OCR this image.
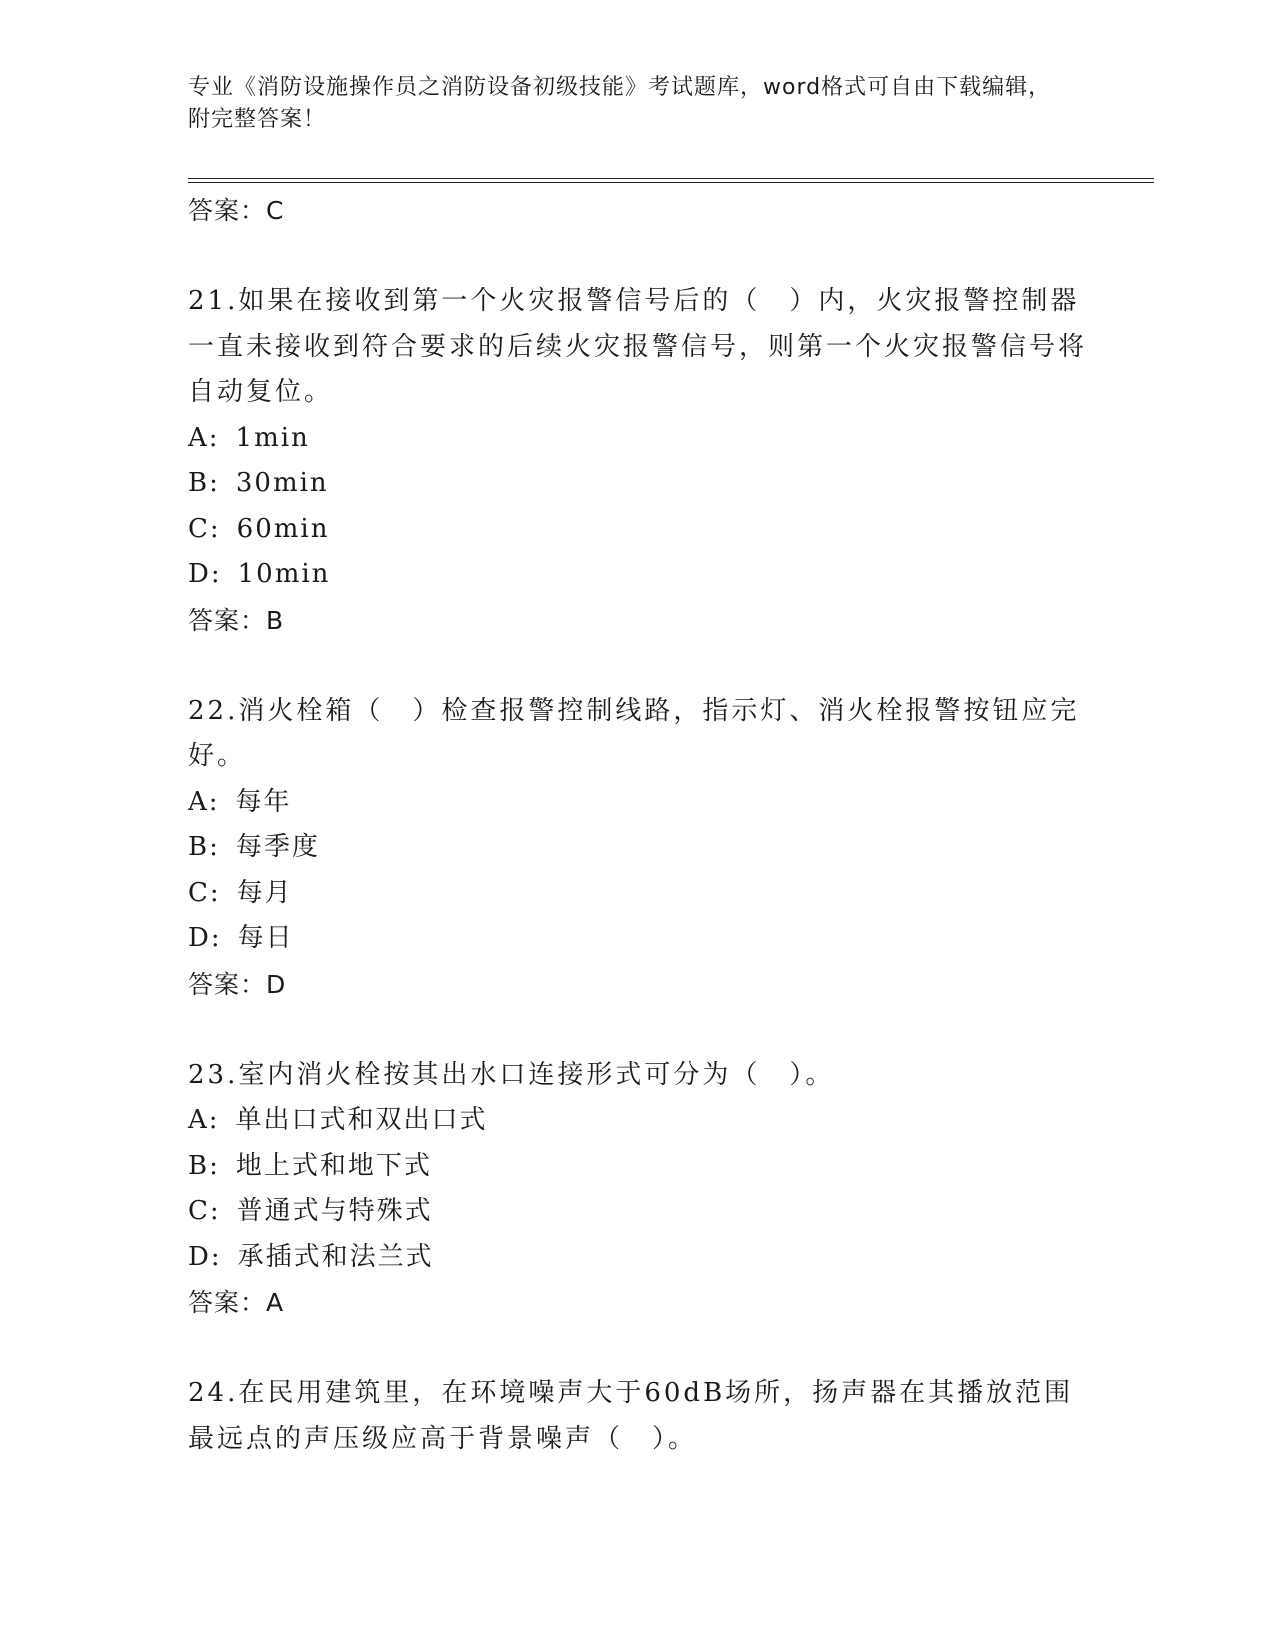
专业《消防设施操作员之消防设备初级技能》考试题库，word格式可自由下载编辑，附完整答案！
答案：C
21.如果在接收到第一个火灾报警信号后的（　）内，火灾报警控制器一直未接收到符合要求的后续火灾报警信号，则第一个火灾报警信号将自动复位。
A: 1min
B: 30min
C: 60min
D: 10min
答案：B
22.消火栓箱（　）检查报警控制线路，指示灯、消火栓报警按钮应完好。
A: 每年
B: 每季度
C: 每月
D: 每日
答案：D
23.室内消火栓按其出水口连接形式可分为（　）。
A: 单出口式和双出口式
B: 地上式和地下式
C: 普通式与特殊式
D: 承插式和法兰式
答案：A
24.在民用建筑里，在环境噪声大于60dB场所，扬声器在其播放范围最远点的声压级应高于背景噪声（　）。
